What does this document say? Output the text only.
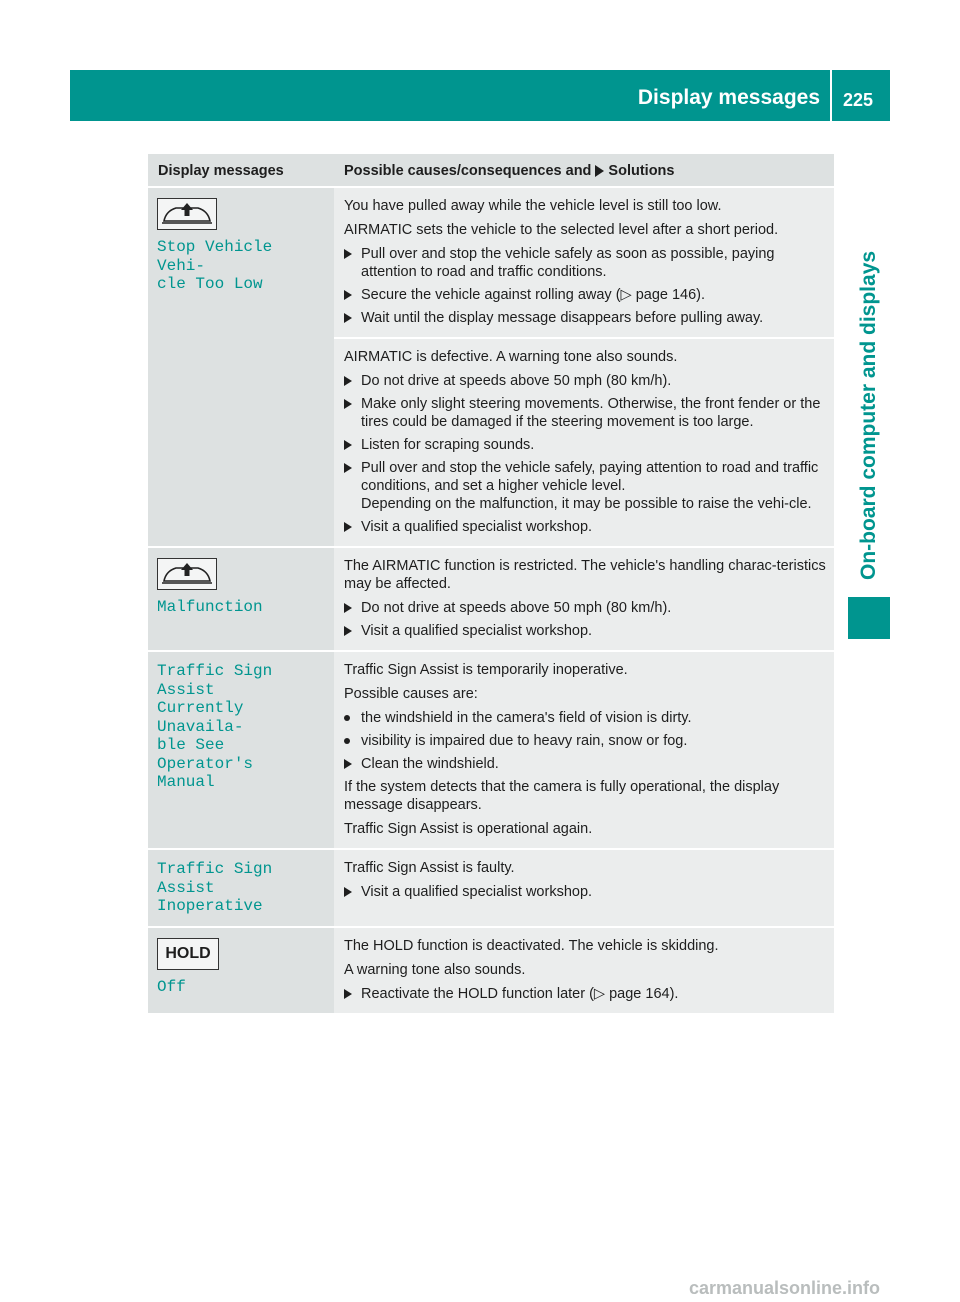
Display messages 225
On-board computer and displays
Display messages	Possible causes/consequences and Solutions
Stop Vehicle Vehi‐
cle Too Low
You have pulled away while the vehicle level is still too low.
AIRMATIC sets the vehicle to the selected level after a short period.
Pull over and stop the vehicle safely as soon as possible, paying attention to road and traffic conditions.
Secure the vehicle against rolling away (▷ page 146).
Wait until the display message disappears before pulling away.
AIRMATIC is defective. A warning tone also sounds.
Do not drive at speeds above 50 mph (80 km/h).
Make only slight steering movements. Otherwise, the front fender or the tires could be damaged if the steering movement is too large.
Listen for scraping sounds.
Pull over and stop the vehicle safely, paying attention to road and traffic conditions, and set a higher vehicle level.
Depending on the malfunction, it may be possible to raise the vehi-cle.
Visit a qualified specialist workshop.
Malfunction
The AIRMATIC function is restricted. The vehicle's handling charac-teristics may be affected.
Do not drive at speeds above 50 mph (80 km/h).
Visit a qualified specialist workshop.
Traffic Sign Assist
Currently Unavaila‐
ble See Operator's
Manual
Traffic Sign Assist is temporarily inoperative.
Possible causes are:
the windshield in the camera's field of vision is dirty.
visibility is impaired due to heavy rain, snow or fog.
Clean the windshield.
If the system detects that the camera is fully operational, the display message disappears.
Traffic Sign Assist is operational again.
Traffic Sign Assist
Inoperative
Traffic Sign Assist is faulty.
Visit a qualified specialist workshop.
HOLD
Off
The HOLD function is deactivated. The vehicle is skidding.
A warning tone also sounds.
Reactivate the HOLD function later (▷ page 164).
carmanualsonline.info
